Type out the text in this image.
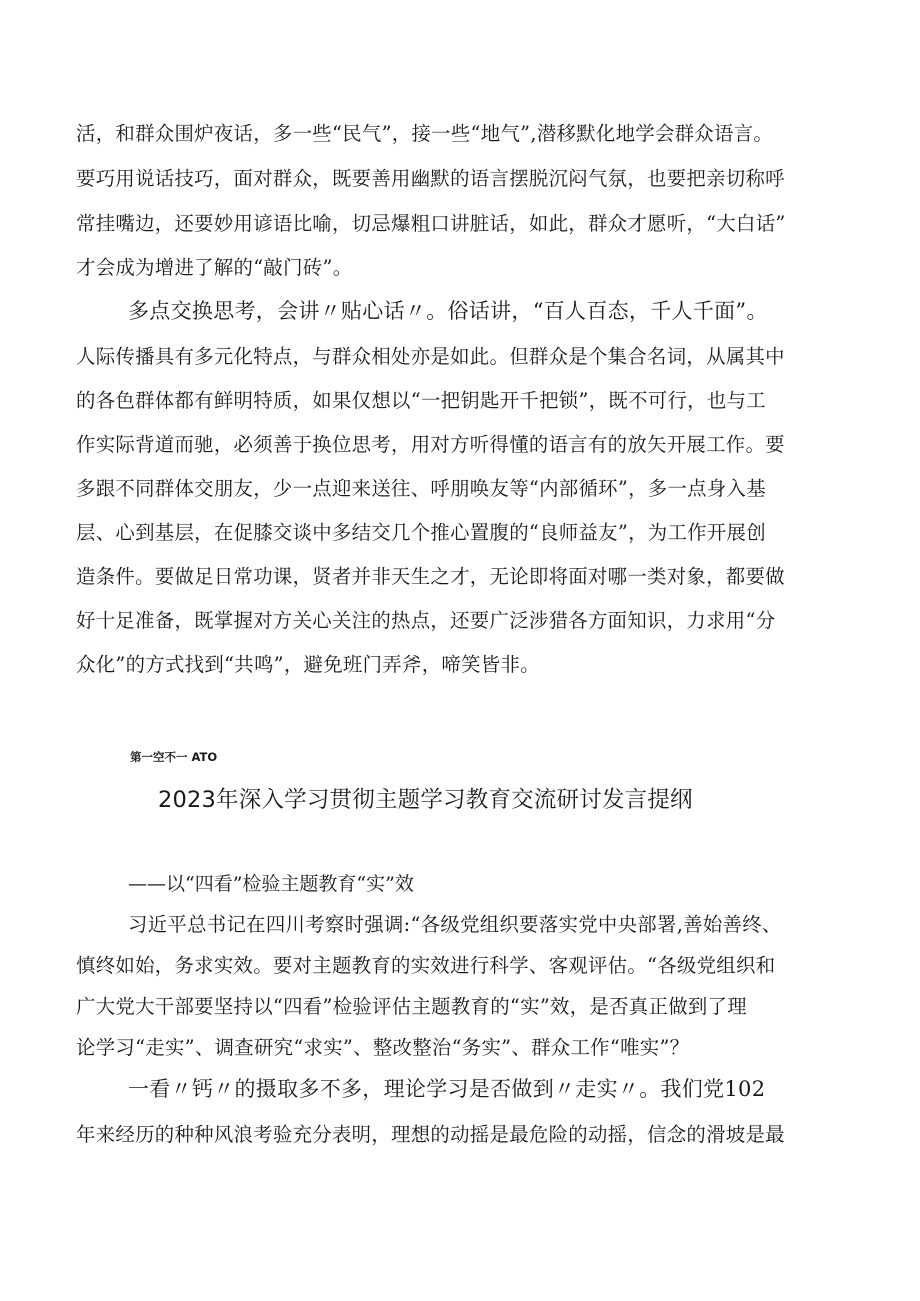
活，和群众围炉夜话，多一些“民气”，接一些“地气”,潜移默化地学会群众语言。
要巧用说话技巧，面对群众，既要善用幽默的语言摆脱沉闷气氛，也要把亲切称呼
常挂嘴边，还要妙用谚语比喻，切忌爆粗口讲脏话，如此，群众才愿听，“大白话”
才会成为增进了解的“敲门砖”。
多点交换思考，会讲〃贴心话〃。俗话讲，“百人百态，千人千面”。
人际传播具有多元化特点，与群众相处亦是如此。但群众是个集合名词，从属其中
的各色群体都有鲜明特质，如果仅想以“一把钥匙开千把锁”，既不可行，也与工
作实际背道而驰，必须善于换位思考，用对方听得懂的语言有的放矢开展工作。要
多跟不同群体交朋友，少一点迎来送往、呼朋唤友等“内部循环”，多一点身入基
层、心到基层，在促膝交谈中多结交几个推心置腹的“良师益友”，为工作开展创
造条件。要做足日常功课，贤者并非天生之才，无论即将面对哪一类对象，都要做
好十足准备，既掌握对方关心关注的热点，还要广泛涉猎各方面知识，力求用“分
众化”的方式找到“共鸣”，避免班门弄斧，啼笑皆非。
第一空不一 ATO
2023年深入学习贯彻主题学习教育交流研讨发言提纲
——以“四看”检验主题教育“实”效
习近平总书记在四川考察时强调:“各级党组织要落实党中央部署,善始善终、
慎终如始，务求实效。要对主题教育的实效进行科学、客观评估。“各级党组织和
广大党大干部要坚持以“四看”检验评估主题教育的“实”效，是否真正做到了理
论学习“走实”、调查研究“求实”、整改整治“务实”、群众工作“唯实”？
一看〃钙〃的摄取多不多，理论学习是否做到〃走实〃。我们党102
年来经历的种种风浪考验充分表明，理想的动摇是最危险的动摇，信念的滑坡是最
